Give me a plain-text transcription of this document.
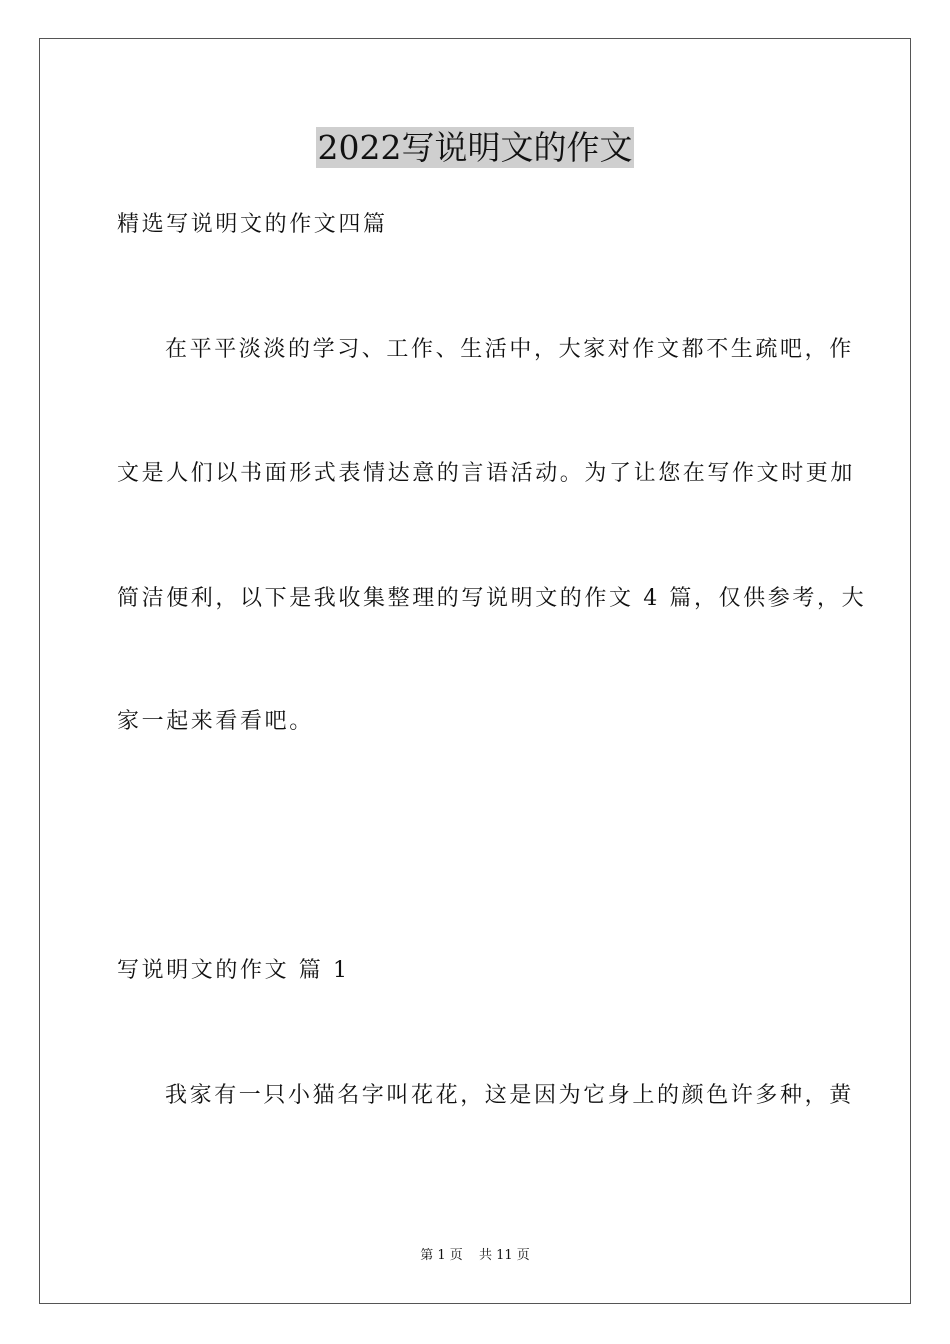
2022写说明文的作文
精选写说明文的作文四篇
在平平淡淡的学习、工作、生活中，大家对作文都不生疏吧，作
文是人们以书面形式表情达意的言语活动。为了让您在写作文时更加
简洁便利，以下是我收集整理的写说明文的作文 4 篇，仅供参考，大
家一起来看看吧。
写说明文的作文 篇 1
我家有一只小猫名字叫花花，这是因为它身上的颜色许多种，黄
第 1 页 共 11 页
